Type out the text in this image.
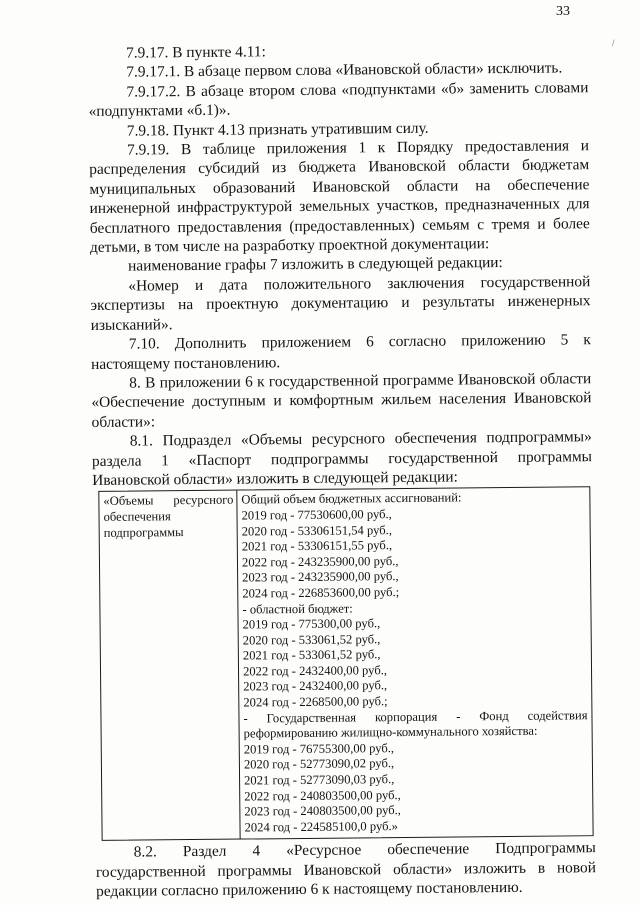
33
/

7.9.17. В пункте 4.11:

7.9.17.1. В абзаце первом слова «Ивановской области» исключить.

7.9.17.2. В абзаце втором слова «подпунктами «б» заменить словами «подпунктами «б.1)».

7.9.18. Пункт 4.13 признать утратившим силу.

7.9.19. В таблице приложения 1 к Порядку предоставления и распределения субсидий из бюджета Ивановской области бюджетам муниципальных образований Ивановской области на обеспечение инженерной инфраструктурой земельных участков, предназначенных для бесплатного предоставления (предоставленных) семьям с тремя и более детьми, в том числе на разработку проектной документации:

наименование графы 7 изложить в следующей редакции:

«Номер и дата положительного заключения государственной экспертизы на проектную документацию и результаты инженерных изысканий».

7.10. Дополнить приложением 6 согласно приложению 5 к настоящему постановлению.

8. В приложении 6 к государственной программе Ивановской области «Обеспечение доступным и комфортным жильем населения Ивановской области»:

8.1. Подраздел «Объемы ресурсного обеспечения подпрограммы» раздела 1 «Паспорт подпрограммы государственной программы Ивановской области» изложить в следующей редакции:

«Объемы ресурсного
обеспечения
подпрограммы
Общий объем бюджетных ассигнований:
2019 год - 77530600,00 руб.,
2020 год - 53306151,54 руб.,
2021 год - 53306151,55 руб.,
2022 год - 243235900,00 руб.,
2023 год - 243235900,00 руб.,
2024 год - 226853600,00 руб.;
- областной бюджет:
2019 год - 775300,00 руб.,
2020 год - 533061,52 руб.,
2021 год - 533061,52 руб.,
2022 год - 2432400,00 руб.,
2023 год - 2432400,00 руб.,
2024 год - 2268500,00 руб.;
- Государственная корпорация - Фонд содействия
реформированию жилищно-коммунального хозяйства:
2019 год - 76755300,00 руб.,
2020 год - 52773090,02 руб.,
2021 год - 52773090,03 руб.,
2022 год - 240803500,00 руб.,
2023 год - 240803500,00 руб.,
2024 год - 224585100,0 руб.»

8.2. Раздел 4 «Ресурсное обеспечение Подпрограммы государственной программы Ивановской области» изложить в новой редакции согласно приложению 6 к настоящему постановлению.
